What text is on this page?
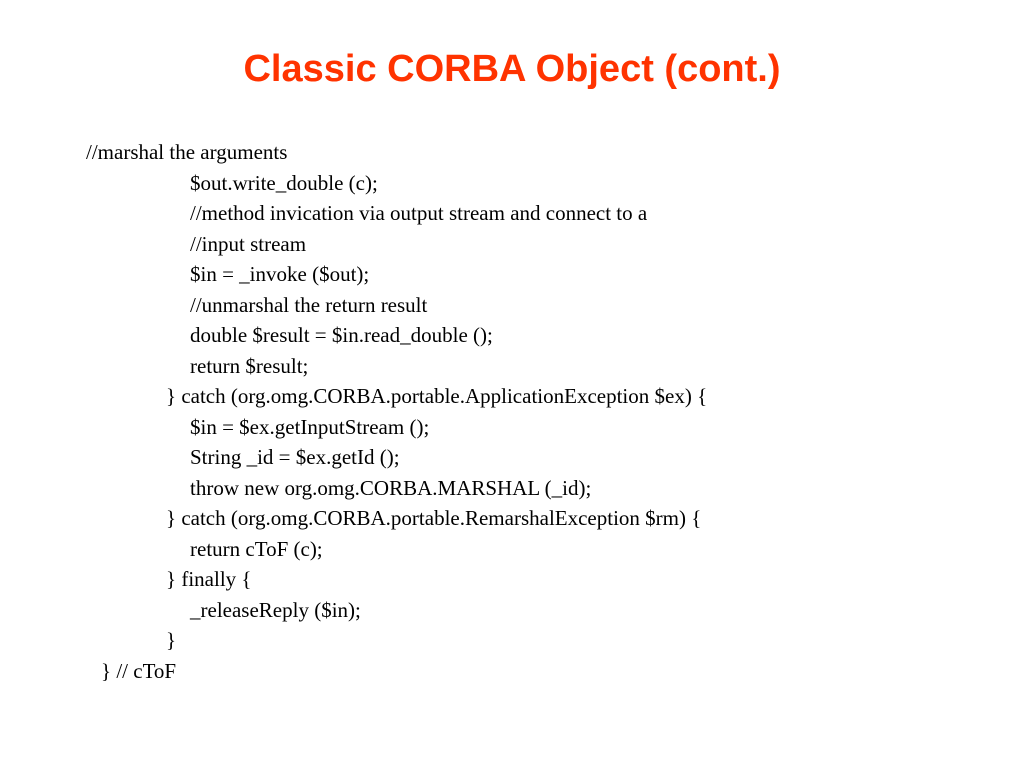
Classic CORBA Object (cont.)
//marshal the arguments
$out.write_double (c);
//method invication via output stream and connect to a
//input stream
$in = _invoke ($out);
//unmarshal the return result
double $result = $in.read_double ();
return $result;
} catch (org.omg.CORBA.portable.ApplicationException $ex) {
$in = $ex.getInputStream ();
String _id = $ex.getId ();
throw new org.omg.CORBA.MARSHAL (_id);
} catch (org.omg.CORBA.portable.RemarshalException $rm) {
return cToF (c);
} finally {
_releaseReply ($in);
}
} // cToF
